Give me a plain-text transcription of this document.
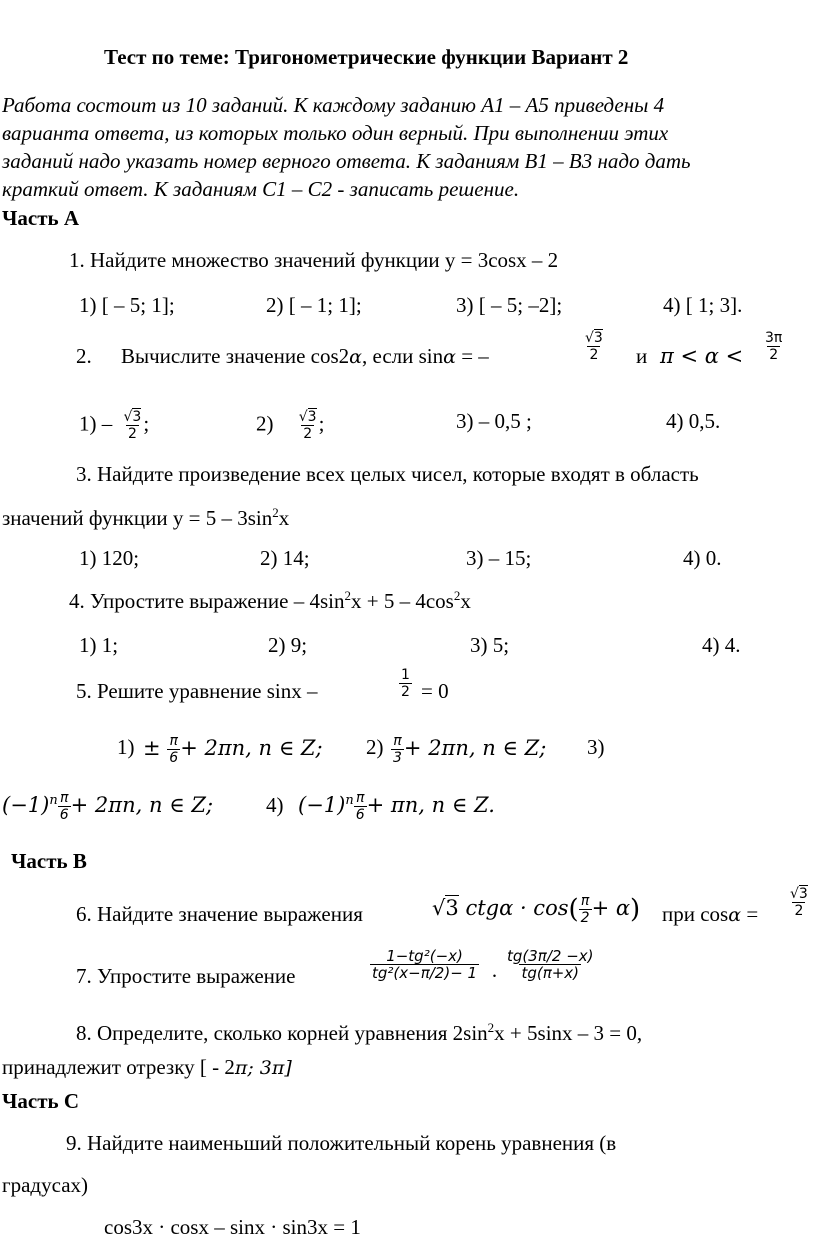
Тест по теме: Тригонометрические функции Вариант 2
Работа состоит из 10 заданий. К каждому заданию А1 – А5 приведены 4
варианта ответа, из которых только один верный. При выполнении этих
заданий надо указать номер верного ответа. К заданиям В1 – В3 надо дать
краткий ответ. К заданиям С1 – С2 - записать решение.
Часть А
1. Найдите множество значений функции у = 3cosx – 2
1) [ – 5; 1];	2) [ – 1; 1];	3) [ – 5; –2];	4) [ 1; 3].
2. Вычислите значение cos2α, если sinα = –	$\frac{√3}{2}$ и $\pi < \alpha < \frac{3\pi}{2}$
$1) - \frac{√3}{2}$ ;	$2) \frac{√3}{2}$ ;	3) – 0,5 ;	4) 0,5.
3. Найдите произведение всех целых чисел, которые входят в область
значений функции $у = 5 - 3\sin^2x$
1) 120;	2) 14;	3) – 15;	4) 0.
4. Упростите выражение – $4\sin^2x + 5 - 4\cos^2x$
1) 1;	2) 9;	3) 5;	4) 4.
5. Решите уравнение sinx –	$\frac{1}{2} = 0$
$1) \pm \frac{\pi}{6} + 2\pi n$, n ∈ Z; $2) \frac{\pi}{3} + 2\pi n$, n ∈ Z; 3)
$(-1)^n \frac{\pi}{6} + 2\pi n$, n ∈ Z;	4) $(-1)^n \frac{\pi}{6} + \pi n$, n ∈ Z.
Часть В
6. Найдите значение выражения	√3 $ctg\alpha \cdot \cos( \frac{\pi}{2} + \alpha)$ при $\cos\alpha = \frac{√3}{2}$
7. Упростите выражение	$\frac{\text{1−tg²(−x)}}{\text{tg²(x−π/2)− 1}} \cdot \frac{tg(3\pi/2 -x)}{tg(\pi+x)}$
8. Определите, сколько корней уравнения $2\sin^2x + 5\sin x - 3 = 0$,
принадлежит отрезку [ - 2π; 3π]
Часть С
9. Найдите наименьший положительный корень уравнения (в
градусах)
cos3x · cosx – sinx · sin3x = 1
